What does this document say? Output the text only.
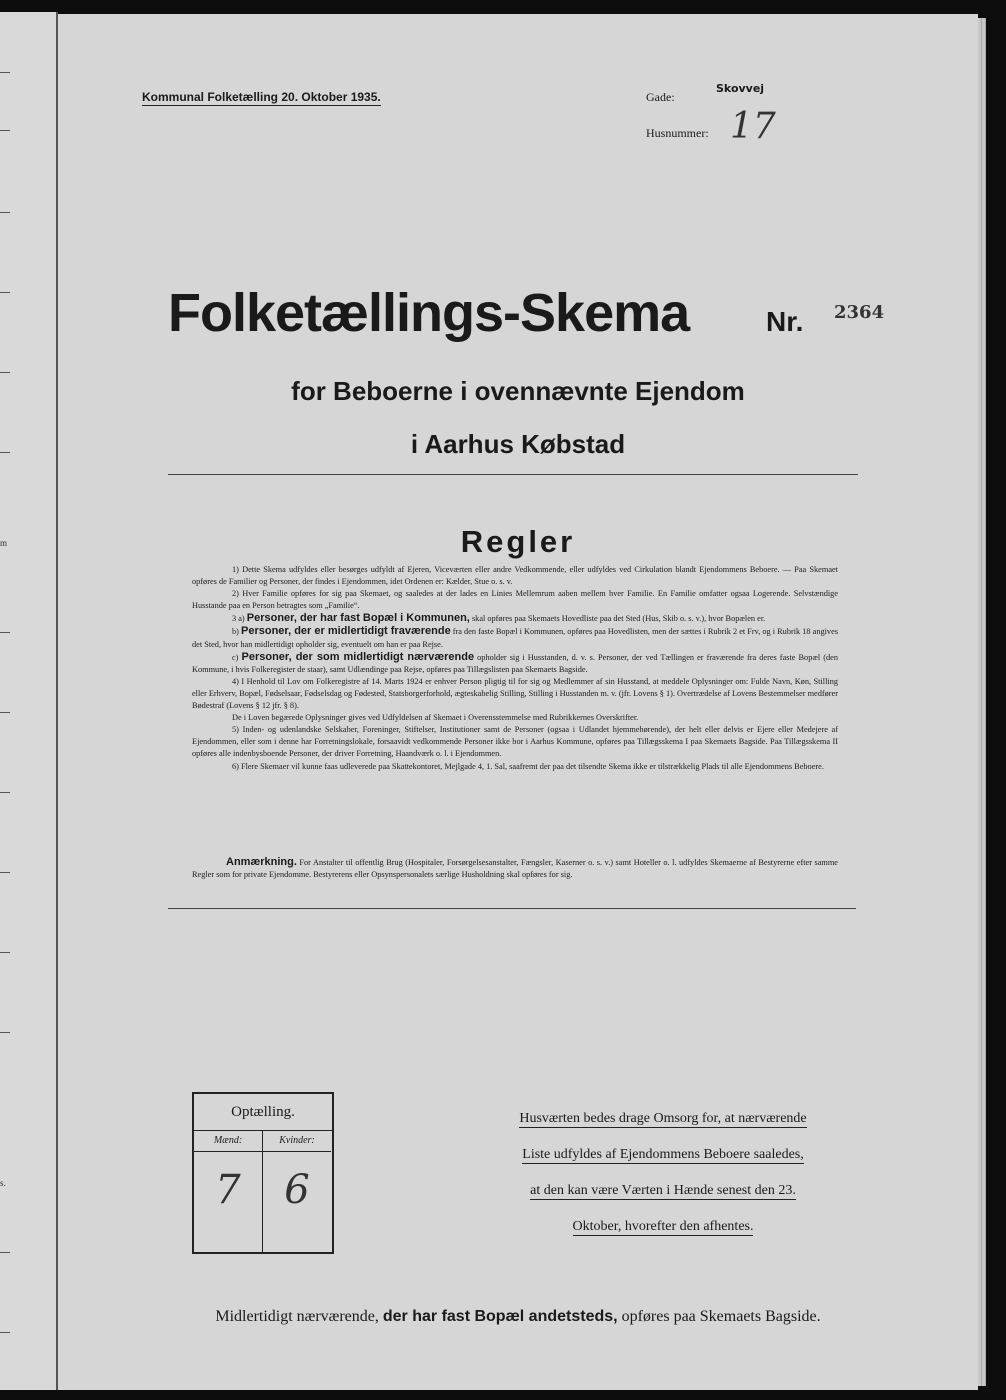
m
s.
Kommunal Folketælling 20. Oktober 1935.	Gade:
Skovvej
Husnummer: 17
Folketællings-Skema	Nr. 2364
for Beboerne i ovennævnte Ejendom
i Aarhus Købstad
Regler

1) Dette Skema udfyldes eller besørges udfyldt af Ejeren, Viceværten eller andre Vedkommende, eller udfyldes ved Cirkulation blandt Ejendommens Beboere. — Paa Skemaet opføres de Familier og Personer, der findes i Ejendommen, idet Ordenen er: Kælder, Stue o. s. v.

2) Hver Familie opføres for sig paa Skemaet, og saaledes at der lades en Linies Mellemrum aaben mellem hver Familie. En Familie omfatter ogsaa Logerende. Selvstændige Husstande paa en Person betragtes som „Familie“.

3 a) Personer, der har fast Bopæl i Kommunen, skal opføres paa Skemaets Hovedliste paa det Sted (Hus, Skib o. s. v.), hvor Bopælen er.

b) Personer, der er midlertidigt fraværende fra den faste Bopæl i Kommunen, opføres paa Hovedlisten, men der sættes i Rubrik 2 et Frv, og i Rubrik 18 angives det Sted, hvor han midlertidigt opholder sig, eventuelt om han er paa Rejse.

c) Personer, der som midlertidigt nærværende opholder sig i Husstanden, d. v. s. Personer, der ved Tællingen er fraværende fra deres faste Bopæl (den Kommune, i hvis Folkeregister de staar), samt Udlændinge paa Rejse, opføres paa Tillægslisten paa Skemaets Bagside.

4) I Henhold til Lov om Folkeregistre af 14. Marts 1924 er enhver Person pligtig til for sig og Medlemmer af sin Husstand, at meddele Oplysninger om: Fulde Navn, Køn, Stilling eller Erhverv, Bopæl, Fødselsaar, Fødselsdag og Fødested, Statsborgerforhold, ægteskabelig Stilling, Stilling i Husstanden m. v. (jfr. Lovens § 1). Overtrædelse af Lovens Bestemmelser medfører Bødestraf (Lovens § 12 jfr. § 8).

De i Loven begærede Oplysninger gives ved Udfyldelsen af Skemaet i Overensstemmelse med Rubrikkernes Overskrifter.

5) Inden- og udenlandske Selskaber, Foreninger, Stiftelser, Institutioner samt de Personer (ogsaa i Udlandet hjemmehørende), der helt eller delvis er Ejere eller Medejere af Ejendommen, eller som i denne har Forretningslokale, forsaavidt vedkommende Personer ikke bor i Aarhus Kommune, opføres paa Tillægsskema I paa Skemaets Bagside. Paa Tillægsskema II opføres alle indenbysboende Personer, der driver Forretning, Haandværk o. l. i Ejendommen.

6) Flere Skemaer vil kunne faas udleverede paa Skattekontoret, Mejlgade 4, 1. Sal, saafremt der paa det tilsendte Skema ikke er tilstrækkelig Plads til alle Ejendommens Beboere.

Anmærkning. For Anstalter til offentlig Brug (Hospitaler, Forsørgelsesanstalter, Fængsler, Kaserner o. s. v.) samt Hoteller o. l. udfyldes Skemaerne af Bestyrerne efter samme Regler som for private Ejendomme. Bestyrerens eller Opsynspersonalets særlige Husholdning skal opføres for sig.
Optælling.
Mænd:
7
Kvinder:
6
Husværten bedes drage Omsorg for, at nærværende
Liste udfyldes af Ejendommens Beboere saaledes,
at den kan være Værten i Hænde senest den 23.
Oktober, hvorefter den afhentes.
Midlertidigt nærværende, der har fast Bopæl andetsteds, opføres paa Skemaets Bagside.
